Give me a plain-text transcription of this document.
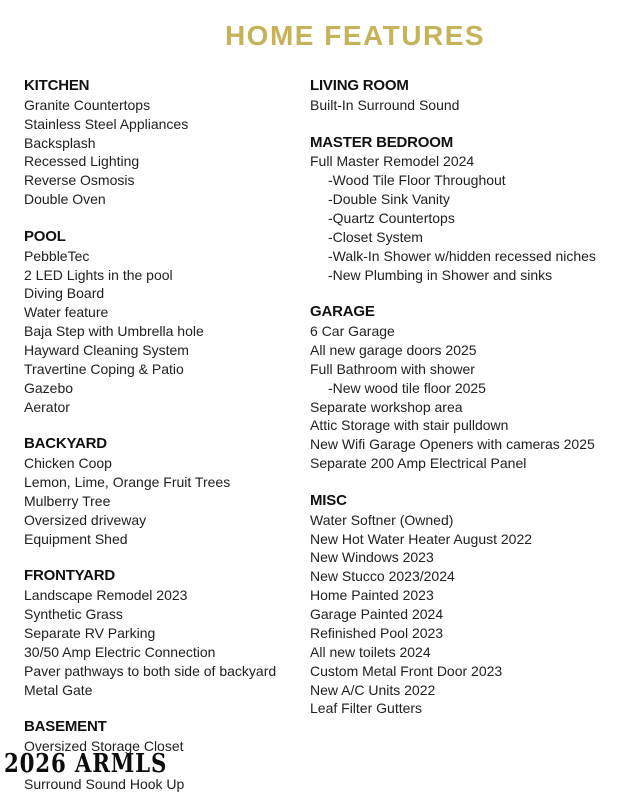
HOME FEATURES
KITCHEN
Granite Countertops
Stainless Steel Appliances
Backsplash
Recessed Lighting
Reverse Osmosis
Double Oven
POOL
PebbleTec
2 LED Lights in the pool
Diving Board
Water feature
Baja Step with Umbrella hole
Hayward Cleaning System
Travertine Coping & Patio
Gazebo
Aerator
BACKYARD
Chicken Coop
Lemon, Lime, Orange Fruit Trees
Mulberry Tree
Oversized driveway
Equipment Shed
FRONTYARD
Landscape Remodel 2023
Synthetic Grass
Separate RV Parking
30/50 Amp Electric Connection
Paver pathways to both side of backyard
Metal Gate
BASEMENT
Oversized Storage Closet
Surround Sound Hook Up
LIVING ROOM
Built-In Surround Sound
MASTER BEDROOM
Full Master Remodel 2024
-Wood Tile Floor Throughout
-Double Sink Vanity
-Quartz Countertops
-Closet System
-Walk-In Shower w/hidden recessed niches
-New Plumbing in Shower and sinks
GARAGE
6 Car Garage
All new garage doors 2025
Full Bathroom with shower
-New wood tile floor 2025
Separate workshop area
Attic Storage with stair pulldown
New Wifi Garage Openers with cameras 2025
Separate 200 Amp Electrical Panel
MISC
Water Softner (Owned)
New Hot Water Heater August 2022
New Windows 2023
New Stucco 2023/2024
Home Painted 2023
Garage Painted 2024
Refinished Pool 2023
All new toilets 2024
Custom Metal Front Door 2023
New A/C Units 2022
Leaf Filter Gutters
2026 ARMLS
